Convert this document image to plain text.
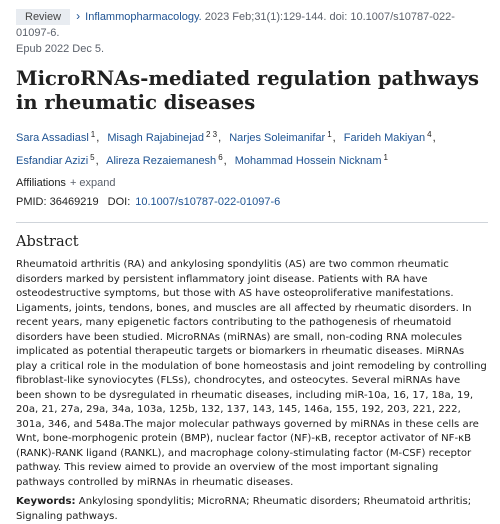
Review › Inflammopharmacology. 2023 Feb;31(1):129-144. doi: 10.1007/s10787-022-01097-6.
Epub 2022 Dec 5.
MicroRNAs-mediated regulation pathways in rheumatic diseases
Sara Assadiasl $^1$, Misagh Rajabinejad $^{2 3}$, Narjes Soleimanifar $^1$, Farideh Makiyan $^4$, Esfandiar Azizi $^5$, Alireza Rezaiemanesh $^6$, Mohammad Hossein Nicknam $^1$
Affiliations + expand
PMID: 36469219 DOI: 10.1007/s10787-022-01097-6
Abstract

Rheumatoid arthritis (RA) and ankylosing spondylitis (AS) are two common rheumatic disorders marked by persistent inflammatory joint disease. Patients with RA have osteodestructive symptoms, but those with AS have osteoproliferative manifestations. Ligaments, joints, tendons, bones, and muscles are all affected by rheumatic disorders. In recent years, many epigenetic factors contributing to the pathogenesis of rheumatoid disorders have been studied. MicroRNAs (miRNAs) are small, non-coding RNA molecules implicated as potential therapeutic targets or biomarkers in rheumatic diseases. MiRNAs play a critical role in the modulation of bone homeostasis and joint remodeling by controlling fibroblast-like synoviocytes (FLSs), chondrocytes, and osteocytes. Several miRNAs have been shown to be dysregulated in rheumatic diseases, including miR-10a, 16, 17, 18a, 19, 20a, 21, 27a, 29a, 34a, 103a, 125b, 132, 137, 143, 145, 146a, 155, 192, 203, 221, 222, 301a, 346, and 548a.The major molecular pathways governed by miRNAs in these cells are Wnt, bone-morphogenic protein (BMP), nuclear factor (NF)-κB, receptor activator of NF-κB (RANK)-RANK ligand (RANKL), and macrophage colony-stimulating factor (M-CSF) receptor pathway. This review aimed to provide an overview of the most important signaling pathways controlled by miRNAs in rheumatic diseases.

Keywords: Ankylosing spondylitis; MicroRNA; Rheumatic disorders; Rheumatoid arthritis; Signaling pathways.
